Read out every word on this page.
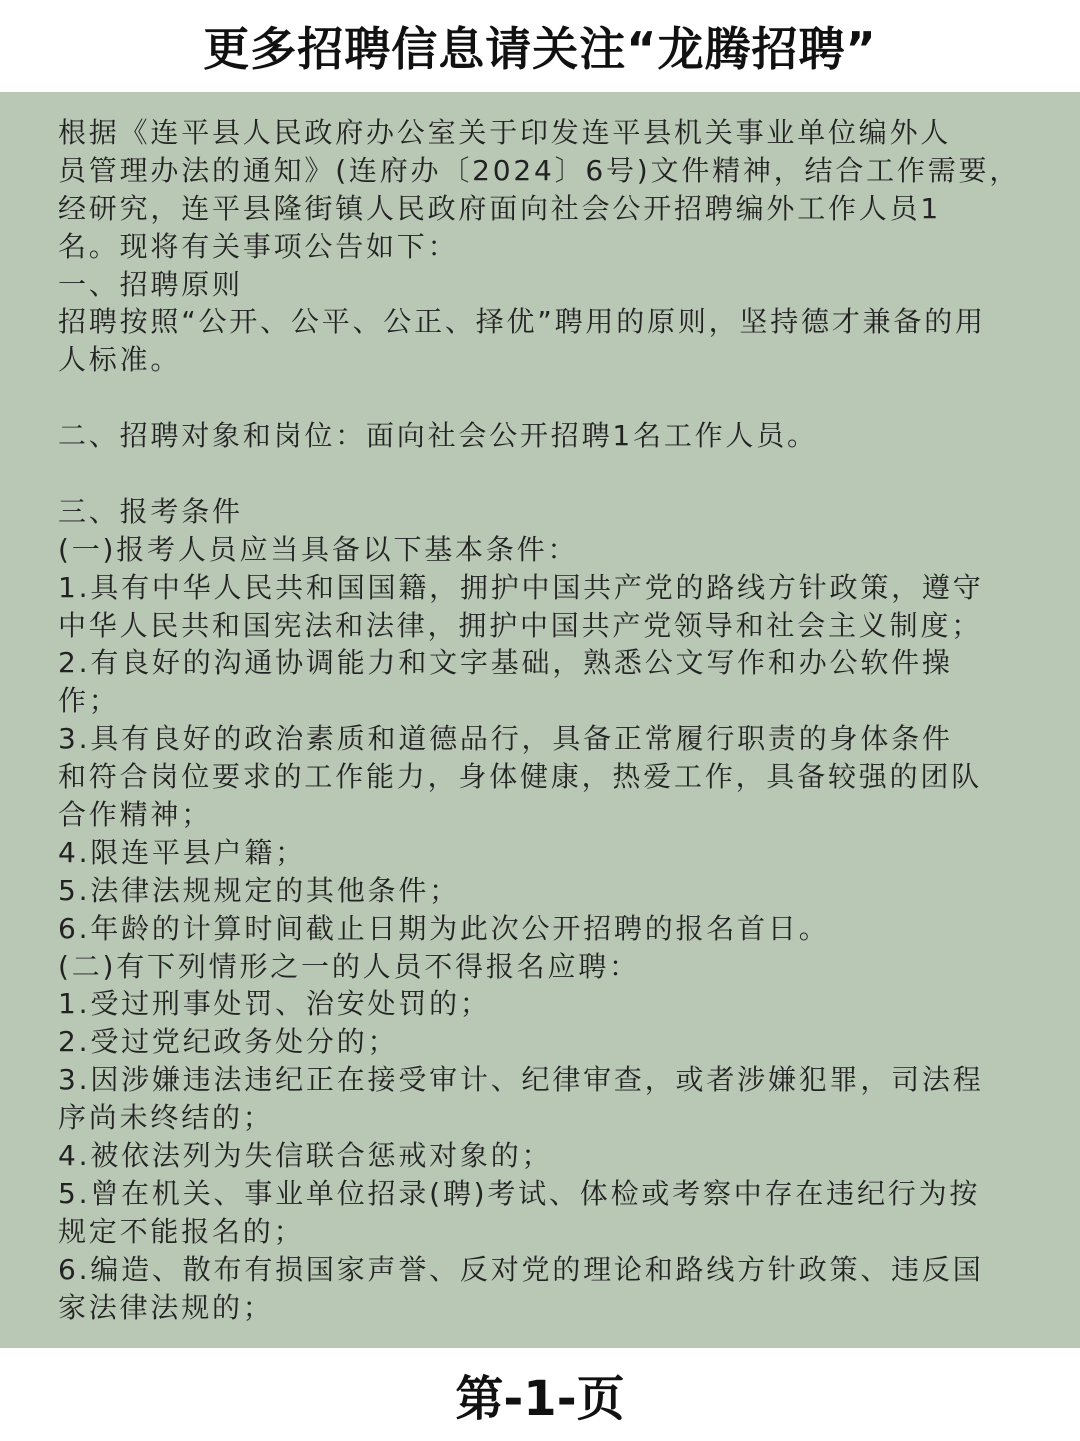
更多招聘信息请关注“龙腾招聘”
根据《连平县人民政府办公室关于印发连平县机关事业单位编外人
员管理办法的通知》(连府办〔2024〕6号)文件精神，结合工作需要，
经研究，连平县隆街镇人民政府面向社会公开招聘编外工作人员1
名。现将有关事项公告如下：
一、招聘原则
招聘按照“公开、公平、公正、择优”聘用的原则，坚持德才兼备的用
人标准。
二、招聘对象和岗位：面向社会公开招聘1名工作人员。
三、报考条件
(一)报考人员应当具备以下基本条件：
1.具有中华人民共和国国籍，拥护中国共产党的路线方针政策，遵守
中华人民共和国宪法和法律，拥护中国共产党领导和社会主义制度；
2.有良好的沟通协调能力和文字基础，熟悉公文写作和办公软件操
作；
3.具有良好的政治素质和道德品行，具备正常履行职责的身体条件
和符合岗位要求的工作能力，身体健康，热爱工作，具备较强的团队
合作精神；
4.限连平县户籍；
5.法律法规规定的其他条件；
6.年龄的计算时间截止日期为此次公开招聘的报名首日。
(二)有下列情形之一的人员不得报名应聘：
1.受过刑事处罚、治安处罚的；
2.受过党纪政务处分的；
3.因涉嫌违法违纪正在接受审计、纪律审查，或者涉嫌犯罪，司法程
序尚未终结的；
4.被依法列为失信联合惩戒对象的；
5.曾在机关、事业单位招录(聘)考试、体检或考察中存在违纪行为按
规定不能报名的；
6.编造、散布有损国家声誉、反对党的理论和路线方针政策、违反国
家法律法规的；
第-1-页
